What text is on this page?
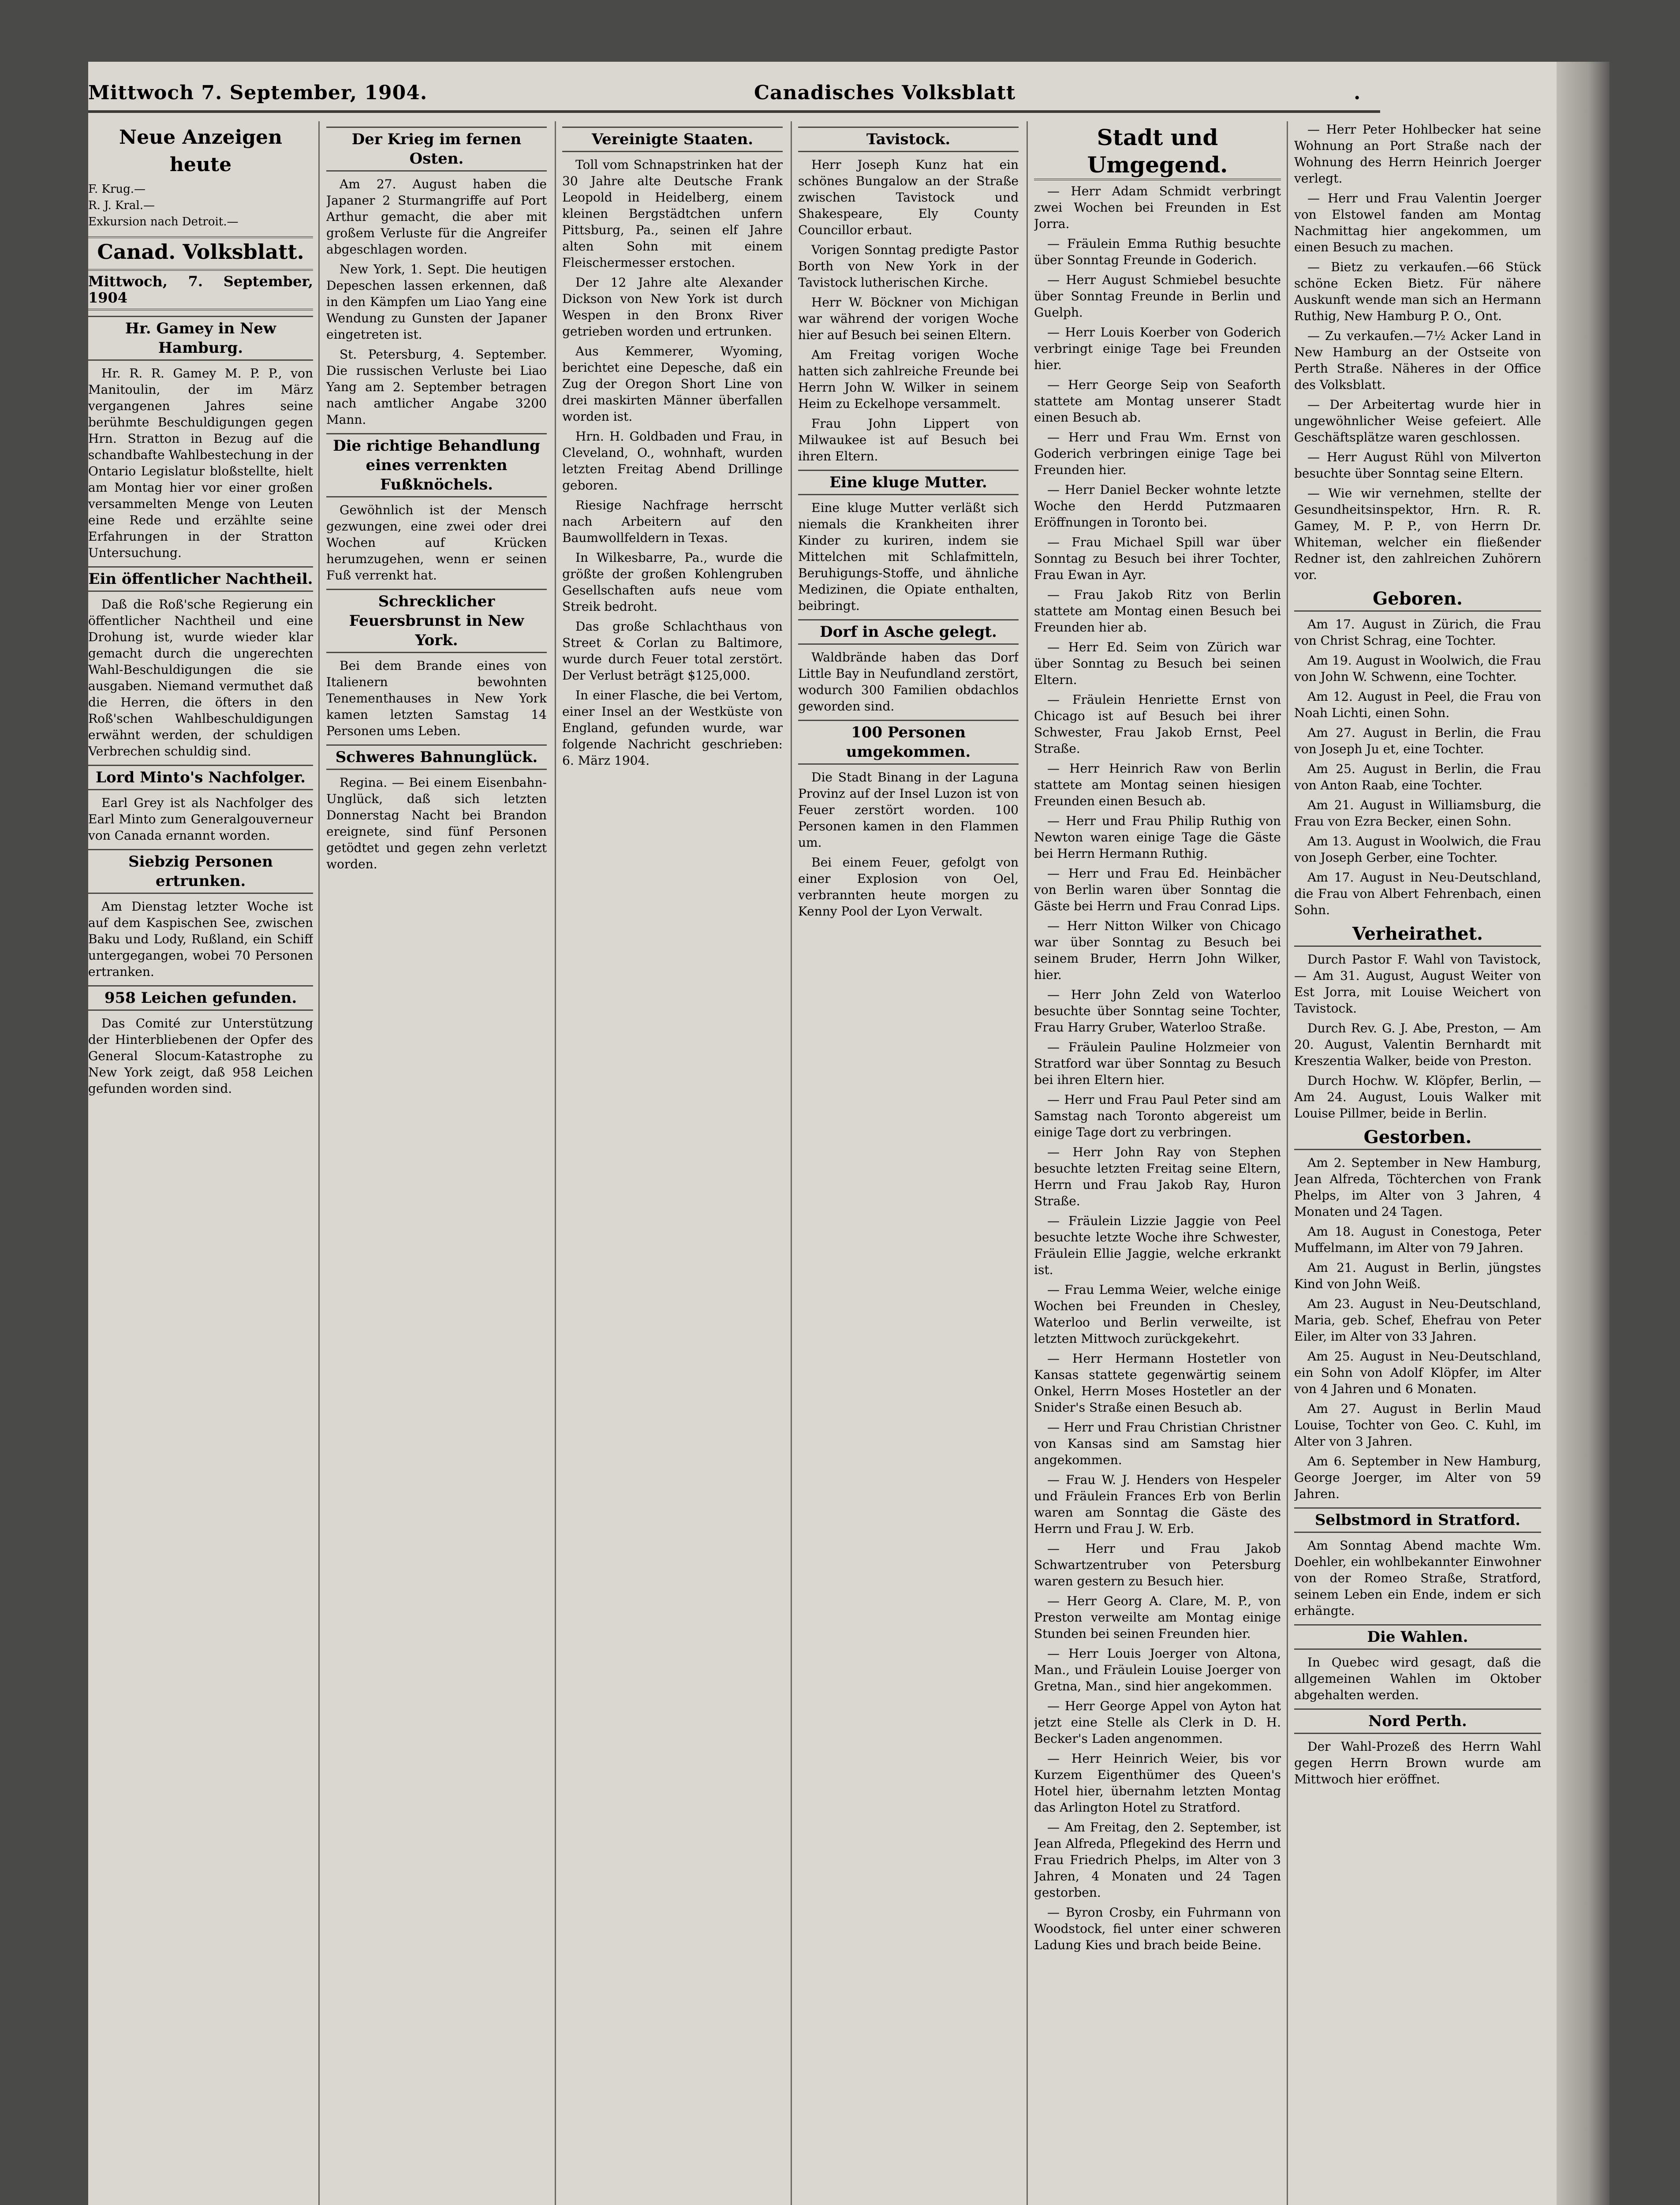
Mittwoch 7. September, 1904.	Canadisches Volksblatt	.
Neue Anzeigen heute
F. Krug.—
R. J. Kral.—
Exkursion nach Detroit.—
Canad. Volksblatt.
Mittwoch, 7. September, 1904
Hr. Gamey in New Hamburg.

Hr. R. R. Gamey M. P. P., von Manitoulin, der im März vergangenen Jahres seine berühmte Beschuldigungen gegen Hrn. Stratton in Bezug auf die schandbafte Wahlbestechung in der Ontario Legislatur bloßstellte, hielt am Montag hier vor einer großen versammelten Menge von Leuten eine Rede und erzählte seine Erfahrungen in der Stratton Untersuchung.

Ein öffentlicher Nachtheil.

Daß die Roß'sche Regierung ein öffentlicher Nachtheil und eine Drohung ist, wurde wieder klar gemacht durch die ungerechten Wahl-Beschuldigungen die sie ausgaben. Niemand vermuthet daß die Herren, die öfters in den Roß'schen Wahlbeschuldigungen erwähnt werden, der schuldigen Verbrechen schuldig sind.

Lord Minto's Nachfolger.

Earl Grey ist als Nachfolger des Earl Minto zum Generalgouverneur von Canada ernannt worden.

Siebzig Personen ertrunken.

Am Dienstag letzter Woche ist auf dem Kaspischen See, zwischen Baku und Lody, Rußland, ein Schiff untergegangen, wobei 70 Personen ertranken.

958 Leichen gefunden.

Das Comité zur Unterstützung der Hinterbliebenen der Opfer des General Slocum-Katastrophe zu New York zeigt, daß 958 Leichen gefunden worden sind.

Der Krieg im fernen Osten.

Am 27. August haben die Japaner 2 Sturmangriffe auf Port Arthur gemacht, die aber mit großem Verluste für die Angreifer abgeschlagen worden.

New York, 1. Sept. Die heutigen Depeschen lassen erkennen, daß in den Kämpfen um Liao Yang eine Wendung zu Gunsten der Japaner eingetreten ist.

St. Petersburg, 4. September. Die russischen Verluste bei Liao Yang am 2. September betragen nach amtlicher Angabe 3200 Mann.

Die richtige Behandlung eines verrenkten Fußknöchels.

Gewöhnlich ist der Mensch gezwungen, eine zwei oder drei Wochen auf Krücken herumzugehen, wenn er seinen Fuß verrenkt hat.

Schrecklicher Feuersbrunst in New York.

Bei dem Brande eines von Italienern bewohnten Tenementhauses in New York kamen letzten Samstag 14 Personen ums Leben.

Schweres Bahnunglück.

Regina. — Bei einem Eisenbahn-Unglück, daß sich letzten Donnerstag Nacht bei Brandon ereignete, sind fünf Personen getödtet und gegen zehn verletzt worden.

Vereinigte Staaten.

Toll vom Schnapstrinken hat der 30 Jahre alte Deutsche Frank Leopold in Heidelberg, einem kleinen Bergstädtchen unfern Pittsburg, Pa., seinen elf Jahre alten Sohn mit einem Fleischermesser erstochen.

Der 12 Jahre alte Alexander Dickson von New York ist durch Wespen in den Bronx River getrieben worden und ertrunken.

Aus Kemmerer, Wyoming, berichtet eine Depesche, daß ein Zug der Oregon Short Line von drei maskirten Männer überfallen worden ist.

Hrn. H. Goldbaden und Frau, in Cleveland, O., wohnhaft, wurden letzten Freitag Abend Drillinge geboren.

Riesige Nachfrage herrscht nach Arbeitern auf den Baumwollfeldern in Texas.

In Wilkesbarre, Pa., wurde die größte der großen Kohlengruben Gesellschaften aufs neue vom Streik bedroht.

Das große Schlachthaus von Street & Corlan zu Baltimore, wurde durch Feuer total zerstört. Der Verlust beträgt $125,000.

In einer Flasche, die bei Vertom, einer Insel an der Westküste von England, gefunden wurde, war folgende Nachricht geschrieben: 6. März 1904.

Tavistock.

Herr Joseph Kunz hat ein schönes Bungalow an der Straße zwischen Tavistock und Shakespeare, Ely County Councillor erbaut.

Vorigen Sonntag predigte Pastor Borth von New York in der Tavistock lutherischen Kirche.

Herr W. Böckner von Michigan war während der vorigen Woche hier auf Besuch bei seinen Eltern.

Am Freitag vorigen Woche hatten sich zahlreiche Freunde bei Herrn John W. Wilker in seinem Heim zu Eckelhope versammelt.

Frau John Lippert von Milwaukee ist auf Besuch bei ihren Eltern.

Eine kluge Mutter.

Eine kluge Mutter verläßt sich niemals die Krankheiten ihrer Kinder zu kuriren, indem sie Mittelchen mit Schlafmitteln, Beruhigungs-Stoffe, und ähnliche Medizinen, die Opiate enthalten, beibringt.

Dorf in Asche gelegt.

Waldbrände haben das Dorf Little Bay in Neufundland zerstört, wodurch 300 Familien obdachlos geworden sind.

100 Personen umgekommen.

Die Stadt Binang in der Laguna Provinz auf der Insel Luzon ist von Feuer zerstört worden. 100 Personen kamen in den Flammen um.

Bei einem Feuer, gefolgt von einer Explosion von Oel, verbrannten heute morgen zu Kenny Pool der Lyon Verwalt.

Stadt und Umgegend.

— Herr Adam Schmidt verbringt zwei Wochen bei Freunden in Est Jorra.

— Fräulein Emma Ruthig besuchte über Sonntag Freunde in Goderich.

— Herr August Schmiebel besuchte über Sonntag Freunde in Berlin und Guelph.

— Herr Louis Koerber von Goderich verbringt einige Tage bei Freunden hier.

— Herr George Seip von Seaforth stattete am Montag unserer Stadt einen Besuch ab.

— Herr und Frau Wm. Ernst von Goderich verbringen einige Tage bei Freunden hier.

— Herr Daniel Becker wohnte letzte Woche den Herdd Putzmaaren Eröffnungen in Toronto bei.

— Frau Michael Spill war über Sonntag zu Besuch bei ihrer Tochter, Frau Ewan in Ayr.

— Frau Jakob Ritz von Berlin stattete am Montag einen Besuch bei Freunden hier ab.

— Herr Ed. Seim von Zürich war über Sonntag zu Besuch bei seinen Eltern.

— Fräulein Henriette Ernst von Chicago ist auf Besuch bei ihrer Schwester, Frau Jakob Ernst, Peel Straße.

— Herr Heinrich Raw von Berlin stattete am Montag seinen hiesigen Freunden einen Besuch ab.

— Herr und Frau Philip Ruthig von Newton waren einige Tage die Gäste bei Herrn Hermann Ruthig.

— Herr und Frau Ed. Heinbächer von Berlin waren über Sonntag die Gäste bei Herrn und Frau Conrad Lips.

— Herr Nitton Wilker von Chicago war über Sonntag zu Besuch bei seinem Bruder, Herrn John Wilker, hier.

— Herr John Zeld von Waterloo besuchte über Sonntag seine Tochter, Frau Harry Gruber, Waterloo Straße.

— Fräulein Pauline Holzmeier von Stratford war über Sonntag zu Besuch bei ihren Eltern hier.

— Herr und Frau Paul Peter sind am Samstag nach Toronto abgereist um einige Tage dort zu verbringen.

— Herr John Ray von Stephen besuchte letzten Freitag seine Eltern, Herrn und Frau Jakob Ray, Huron Straße.

— Fräulein Lizzie Jaggie von Peel besuchte letzte Woche ihre Schwester, Fräulein Ellie Jaggie, welche erkrankt ist.

— Frau Lemma Weier, welche einige Wochen bei Freunden in Chesley, Waterloo und Berlin verweilte, ist letzten Mittwoch zurückgekehrt.

— Herr Hermann Hostetler von Kansas stattete gegenwärtig seinem Onkel, Herrn Moses Hostetler an der Snider's Straße einen Besuch ab.

— Herr und Frau Christian Christner von Kansas sind am Samstag hier angekommen.

— Frau W. J. Henders von Hespeler und Fräulein Frances Erb von Berlin waren am Sonntag die Gäste des Herrn und Frau J. W. Erb.

— Herr und Frau Jakob Schwartzentruber von Petersburg waren gestern zu Besuch hier.

— Herr Georg A. Clare, M. P., von Preston verweilte am Montag einige Stunden bei seinen Freunden hier.

— Herr Louis Joerger von Altona, Man., und Fräulein Louise Joerger von Gretna, Man., sind hier angekommen.

— Herr George Appel von Ayton hat jetzt eine Stelle als Clerk in D. H. Becker's Laden angenommen.

— Herr Heinrich Weier, bis vor Kurzem Eigenthümer des Queen's Hotel hier, übernahm letzten Montag das Arlington Hotel zu Stratford.

— Am Freitag, den 2. September, ist Jean Alfreda, Pflegekind des Herrn und Frau Friedrich Phelps, im Alter von 3 Jahren, 4 Monaten und 24 Tagen gestorben.

— Byron Crosby, ein Fuhrmann von Woodstock, fiel unter einer schweren Ladung Kies und brach beide Beine.

— Herr Peter Hohlbecker hat seine Wohnung an Port Straße nach der Wohnung des Herrn Heinrich Joerger verlegt.

— Herr und Frau Valentin Joerger von Elstowel fanden am Montag Nachmittag hier angekommen, um einen Besuch zu machen.

— Bietz zu verkaufen.—66 Stück schöne Ecken Bietz. Für nähere Auskunft wende man sich an Hermann Ruthig, New Hamburg P. O., Ont.

— Zu verkaufen.—7½ Acker Land in New Hamburg an der Ostseite von Perth Straße. Näheres in der Office des Volksblatt.

— Der Arbeitertag wurde hier in ungewöhnlicher Weise gefeiert. Alle Geschäftsplätze waren geschlossen.

— Herr August Rühl von Milverton besuchte über Sonntag seine Eltern.

— Wie wir vernehmen, stellte der Gesundheitsinspektor, Hrn. R. R. Gamey, M. P. P., von Herrn Dr. Whiteman, welcher ein fließender Redner ist, den zahlreichen Zuhörern vor.

Geboren.

Am 17. August in Zürich, die Frau von Christ Schrag, eine Tochter.

Am 19. August in Woolwich, die Frau von John W. Schwenn, eine Tochter.

Am 12. August in Peel, die Frau von Noah Lichti, einen Sohn.

Am 27. August in Berlin, die Frau von Joseph Ju et, eine Tochter.

Am 25. August in Berlin, die Frau von Anton Raab, eine Tochter.

Am 21. August in Williamsburg, die Frau von Ezra Becker, einen Sohn.

Am 13. August in Woolwich, die Frau von Joseph Gerber, eine Tochter.

Am 17. August in Neu-Deutschland, die Frau von Albert Fehrenbach, einen Sohn.

Verheirathet.

Durch Pastor F. Wahl von Tavistock, — Am 31. August, August Weiter von Est Jorra, mit Louise Weichert von Tavistock.

Durch Rev. G. J. Abe, Preston, — Am 20. August, Valentin Bernhardt mit Kreszentia Walker, beide von Preston.

Durch Hochw. W. Klöpfer, Berlin, — Am 24. August, Louis Walker mit Louise Pillmer, beide in Berlin.

Gestorben.

Am 2. September in New Hamburg, Jean Alfreda, Töchterchen von Frank Phelps, im Alter von 3 Jahren, 4 Monaten und 24 Tagen.

Am 18. August in Conestoga, Peter Muffelmann, im Alter von 79 Jahren.

Am 21. August in Berlin, jüngstes Kind von John Weiß.

Am 23. August in Neu-Deutschland, Maria, geb. Schef, Ehefrau von Peter Eiler, im Alter von 33 Jahren.

Am 25. August in Neu-Deutschland, ein Sohn von Adolf Klöpfer, im Alter von 4 Jahren und 6 Monaten.

Am 27. August in Berlin Maud Louise, Tochter von Geo. C. Kuhl, im Alter von 3 Jahren.

Am 6. September in New Hamburg, George Joerger, im Alter von 59 Jahren.

Selbstmord in Stratford.

Am Sonntag Abend machte Wm. Doehler, ein wohlbekannter Einwohner von der Romeo Straße, Stratford, seinem Leben ein Ende, indem er sich erhängte.

Die Wahlen.

In Quebec wird gesagt, daß die allgemeinen Wahlen im Oktober abgehalten werden.

Nord Perth.

Der Wahl-Prozeß des Herrn Wahl gegen Herrn Brown wurde am Mittwoch hier eröffnet.
